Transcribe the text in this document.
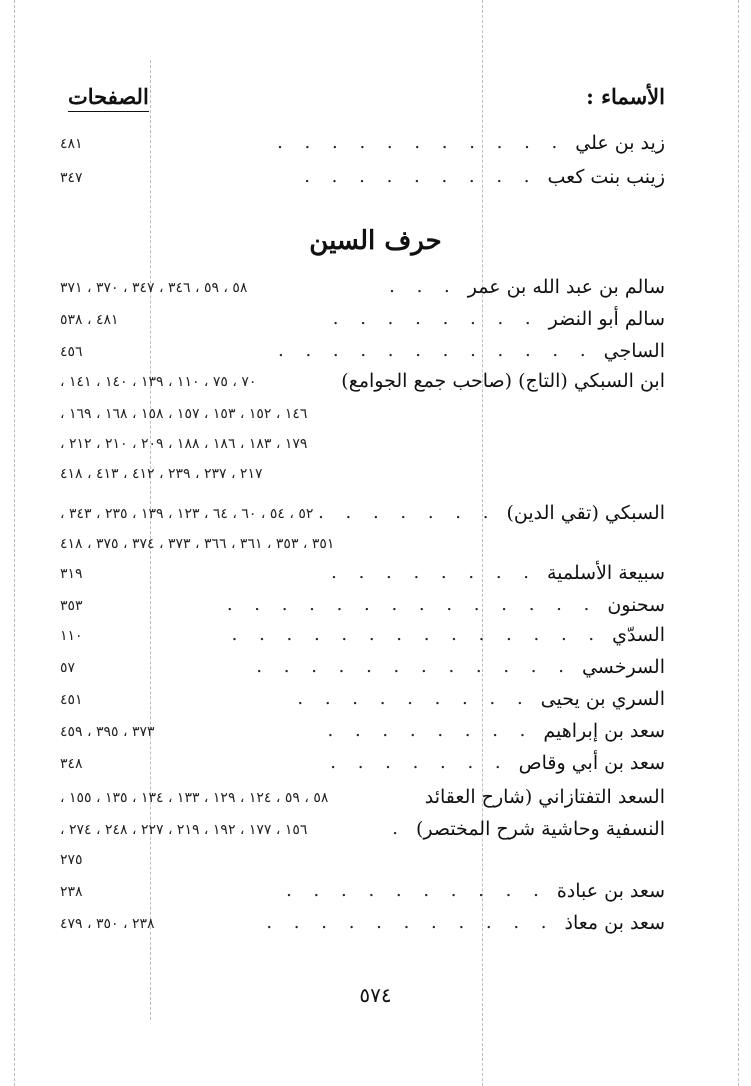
الأسماء :
الصفحات
حرف السين
زيد بن علي
. . . . . . . . . . .
٤٨١
زينب بنت كعب
. . . . . . . . .
٣٤٧
سالم بن عبد الله بن عمر
. . .
٥٨ ، ٥٩ ، ٣٤٦ ، ٣٤٧ ، ٣٧٠ ، ٣٧١
سالم أبو النضر
. . . . . . . .
٤٨١ ، ٥٣٨
الساجي
. . . . . . . . . . . .
٤٥٦
ابن السبكي (التاج) (صاحب جمع الجوامع)
٧٠ ، ٧٥ ، ١١٠ ، ١٣٩ ، ١٤٠ ، ١٤١ ،
١٤٦ ، ١٥٢ ، ١٥٣ ، ١٥٧ ، ١٥٨ ، ١٦٨ ، ١٦٩ ،
١٧٩ ، ١٨٣ ، ١٨٦ ، ١٨٨ ، ٢٠٩ ، ٢١٠ ، ٢١٢ ،
٢١٧ ، ٢٣٧ ، ٢٣٩ ، ٤١٢ ، ٤١٣ ، ٤١٨
السبكي (تقي الدين)
. . . . . . .
٥٢ ، ٥٤ ، ٦٠ ، ٦٤ ، ١٢٣ ، ١٣٩ ، ٢٣٥ ، ٣٤٣ ،
٣٥١ ، ٣٥٣ ، ٣٦١ ، ٣٦٦ ، ٣٧٣ ، ٣٧٤ ، ٣٧٥ ، ٤١٨
سبيعة الأسلمية
. . . . . . . .
٣١٩
سحنون
. . . . . . . . . . . . . .
٣٥٣
السدّي
. . . . . . . . . . . . . .
١١٠
السرخسي
. . . . . . . . . . . .
٥٧
السري بن يحيى
. . . . . . . . .
٤٥١
سعد بن إبراهيم
. . . . . . . .
٣٧٣ ، ٣٩٥ ، ٤٥٩
سعد بن أبي وقاص
. . . . . . .
٣٤٨
السعد التفتازاني (شارح العقائد
٥٨ ، ٥٩ ، ١٢٤ ، ١٢٩ ، ١٣٣ ، ١٣٤ ، ١٣٥ ، ١٥٥ ،
النسفية وحاشية شرح المختصر)
.
١٥٦ ، ١٧٧ ، ١٩٢ ، ٢١٩ ، ٢٢٧ ، ٢٤٨ ، ٢٧٤ ،
٢٧٥
سعد بن عبادة
. . . . . . . . . .
٢٣٨
سعد بن معاذ
. . . . . . . . . . .
٢٣٨ ، ٣٥٠ ، ٤٧٩
٥٧٤
